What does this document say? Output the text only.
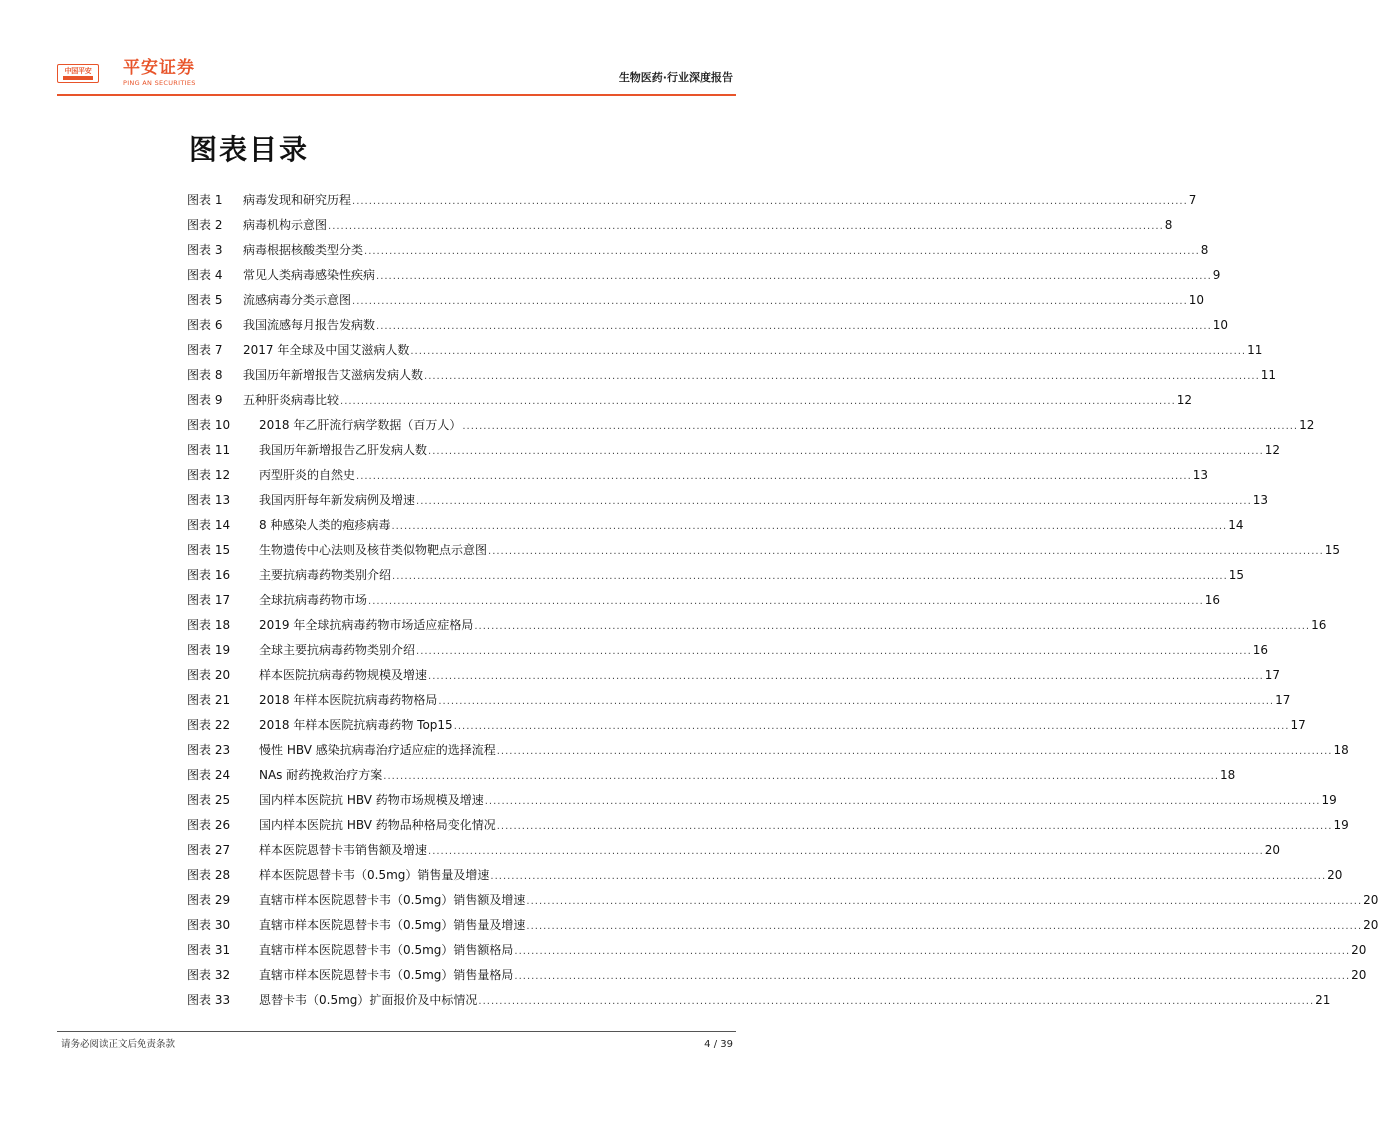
中国平安	平安证券
PING AN SECURITIES	生物医药·行业深度报告
图表目录
图表 1	病毒发现和研究历程 ........................................................................................................................................................................................................ 7
图表 2	病毒机构示意图 ........................................................................................................................................................................................................ 8
图表 3	病毒根据核酸类型分类 ........................................................................................................................................................................................................ 8
图表 4	常见人类病毒感染性疾病 ........................................................................................................................................................................................................ 9
图表 5	流感病毒分类示意图 ........................................................................................................................................................................................................ 10
图表 6	我国流感每月报告发病数 ........................................................................................................................................................................................................ 10
图表 7	2017 年全球及中国艾滋病人数 ........................................................................................................................................................................................................ 11
图表 8	我国历年新增报告艾滋病发病人数 ........................................................................................................................................................................................................ 11
图表 9	五种肝炎病毒比较 ........................................................................................................................................................................................................ 12
图表 10	2018 年乙肝流行病学数据（百万人） ........................................................................................................................................................................................................ 12
图表 11	我国历年新增报告乙肝发病人数 ........................................................................................................................................................................................................ 12
图表 12	丙型肝炎的自然史 ........................................................................................................................................................................................................ 13
图表 13	我国丙肝每年新发病例及增速 ........................................................................................................................................................................................................ 13
图表 14	8 种感染人类的疱疹病毒 ........................................................................................................................................................................................................ 14
图表 15	生物遗传中心法则及核苷类似物靶点示意图 ........................................................................................................................................................................................................ 15
图表 16	主要抗病毒药物类别介绍 ........................................................................................................................................................................................................ 15
图表 17	全球抗病毒药物市场 ........................................................................................................................................................................................................ 16
图表 18	2019 年全球抗病毒药物市场适应症格局 ........................................................................................................................................................................................................ 16
图表 19	全球主要抗病毒药物类别介绍 ........................................................................................................................................................................................................ 16
图表 20	样本医院抗病毒药物规模及增速 ........................................................................................................................................................................................................ 17
图表 21	2018 年样本医院抗病毒药物格局 ........................................................................................................................................................................................................ 17
图表 22	2018 年样本医院抗病毒药物 Top15 ........................................................................................................................................................................................................ 17
图表 23	慢性 HBV 感染抗病毒治疗适应症的选择流程 ........................................................................................................................................................................................................ 18
图表 24	NAs 耐药挽救治疗方案 ........................................................................................................................................................................................................ 18
图表 25	国内样本医院抗 HBV 药物市场规模及增速 ........................................................................................................................................................................................................ 19
图表 26	国内样本医院抗 HBV 药物品种格局变化情况 ........................................................................................................................................................................................................ 19
图表 27	样本医院恩替卡韦销售额及增速 ........................................................................................................................................................................................................ 20
图表 28	样本医院恩替卡韦（0.5mg）销售量及增速 ........................................................................................................................................................................................................ 20
图表 29	直辖市样本医院恩替卡韦（0.5mg）销售额及增速 ........................................................................................................................................................................................................ 20
图表 30	直辖市样本医院恩替卡韦（0.5mg）销售量及增速 ........................................................................................................................................................................................................ 20
图表 31	直辖市样本医院恩替卡韦（0.5mg）销售额格局 ........................................................................................................................................................................................................ 20
图表 32	直辖市样本医院恩替卡韦（0.5mg）销售量格局 ........................................................................................................................................................................................................ 20
图表 33	恩替卡韦（0.5mg）扩面报价及中标情况 ........................................................................................................................................................................................................ 21
请务必阅读正文后免责条款	4 / 39
